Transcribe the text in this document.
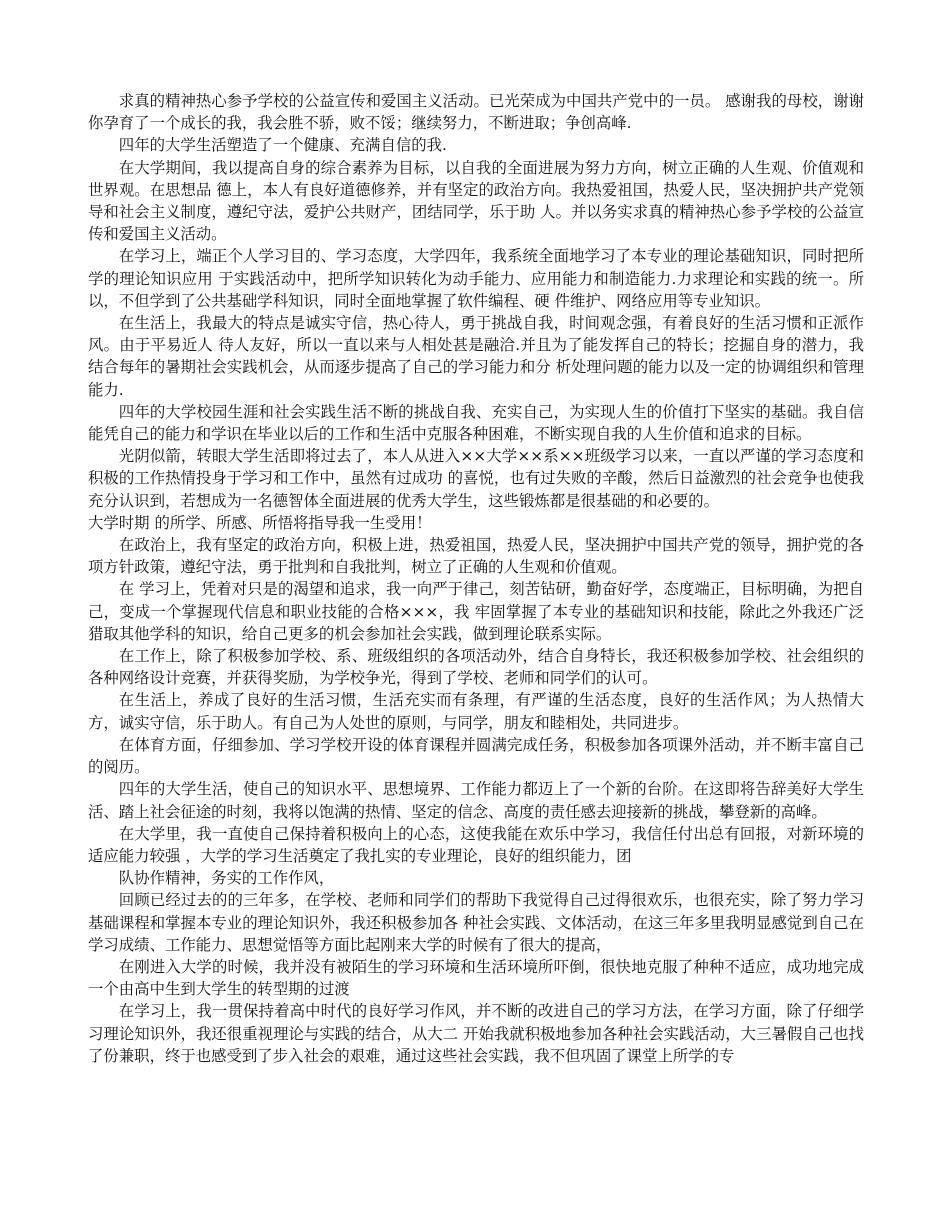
求真的精神热心参予学校的公益宣传和爱国主义活动。已光荣成为中国共产党中的一员。 感谢我的母校，谢谢你孕育了一个成长的我，我会胜不骄，败不馁；继续努力，不断进取；争创高峰.

四年的大学生活塑造了一个健康、充满自信的我.

在大学期间，我以提高自身的综合素养为目标，以自我的全面进展为努力方向，树立正确的人生观、价值观和世界观。在思想品 德上，本人有良好道德修养，并有坚定的政治方向。我热爱祖国，热爱人民，坚决拥护共产党领导和社会主义制度，遵纪守法，爱护公共财产，团结同学，乐于助 人。并以务实求真的精神热心参予学校的公益宣传和爱国主义活动。

在学习上，端正个人学习目的、学习态度，大学四年，我系统全面地学习了本专业的理论基础知识，同时把所学的理论知识应用 于实践活动中，把所学知识转化为动手能力、应用能力和制造能力.力求理论和实践的统一。所以，不但学到了公共基础学科知识，同时全面地掌握了软件编程、硬 件维护、网络应用等专业知识。

在生活上，我最大的特点是诚实守信，热心待人，勇于挑战自我，时间观念强，有着良好的生活习惯和正派作风。由于平易近人 待人友好，所以一直以来与人相处甚是融洽.并且为了能发挥自己的特长；挖掘自身的潜力，我结合每年的暑期社会实践机会，从而逐步提高了自己的学习能力和分 析处理问题的能力以及一定的协调组织和管理能力.

四年的大学校园生涯和社会实践生活不断的挑战自我、充实自己，为实现人生的价值打下坚实的基础。我自信能凭自己的能力和学识在毕业以后的工作和生活中克服各种困难，不断实现自我的人生价值和追求的目标。

光阴似箭，转眼大学生活即将过去了，本人从进入××大学××系××班级学习以来，一直以严谨的学习态度和积极的工作热情投身于学习和工作中，虽然有过成功 的喜悦，也有过失败的辛酸，然后日益激烈的社会竞争也使我充分认识到，若想成为一名德智体全面进展的优秀大学生，这些锻炼都是很基础的和必要的。

大学时期 的所学、所感、所悟将指导我一生受用！

在政治上，我有坚定的政治方向，积极上进，热爱祖国，热爱人民，坚决拥护中国共产党的领导，拥护党的各项方针政策，遵纪守法，勇于批判和自我批判，树立了正确的人生观和价值观。

在 学习上，凭着对只是的渴望和追求，我一向严于律己，刻苦钻研，勤奋好学，态度端正，目标明确，为把自己，变成一个掌握现代信息和职业技能的合格×××，我 牢固掌握了本专业的基础知识和技能，除此之外我还广泛猎取其他学科的知识，给自己更多的机会参加社会实践，做到理论联系实际。

在工作上，除了积极参加学校、系、班级组织的各项活动外，结合自身特长，我还积极参加学校、社会组织的各种网络设计竞赛，并获得奖励，为学校争光，得到了学校、老师和同学们的认可。

在生活上，养成了良好的生活习惯，生活充实而有条理，有严谨的生活态度，良好的生活作风；为人热情大方，诚实守信，乐于助人。有自己为人处世的原则，与同学，朋友和睦相处，共同进步。

在体育方面，仔细参加、学习学校开设的体育课程并圆满完成任务，积极参加各项课外活动，并不断丰富自己的阅历。

四年的大学生活，使自己的知识水平、思想境界、工作能力都迈上了一个新的台阶。在这即将告辞美好大学生活、踏上社会征途的时刻，我将以饱满的热情、坚定的信念、高度的责任感去迎接新的挑战，攀登新的高峰。

在大学里，我一直使自己保持着积极向上的心态，这使我能在欢乐中学习，我信任付出总有回报，对新环境的适应能力较强 ，大学的学习生活奠定了我扎实的专业理论，良好的组织能力，团

队协作精神，务实的工作作风，

回顾已经过去的的三年多，在学校、老师和同学们的帮助下我觉得自己过得很欢乐，也很充实，除了努力学习基础课程和掌握本专业的理论知识外，我还积极参加各 种社会实践、文体活动，在这三年多里我明显感觉到自己在学习成绩、工作能力、思想觉悟等方面比起刚来大学的时候有了很大的提高，

在刚进入大学的时候，我并没有被陌生的学习环境和生活环境所吓倒，很快地克服了种种不适应，成功地完成一个由高中生到大学生的转型期的过渡

在学习上，我一贯保持着高中时代的良好学习作风，并不断的改进自己的学习方法，在学习方面，除了仔细学习理论知识外，我还很重视理论与实践的结合，从大二 开始我就积极地参加各种社会实践活动，大三暑假自己也找了份兼职，终于也感受到了步入社会的艰难，通过这些社会实践，我不但巩固了课堂上所学的专
